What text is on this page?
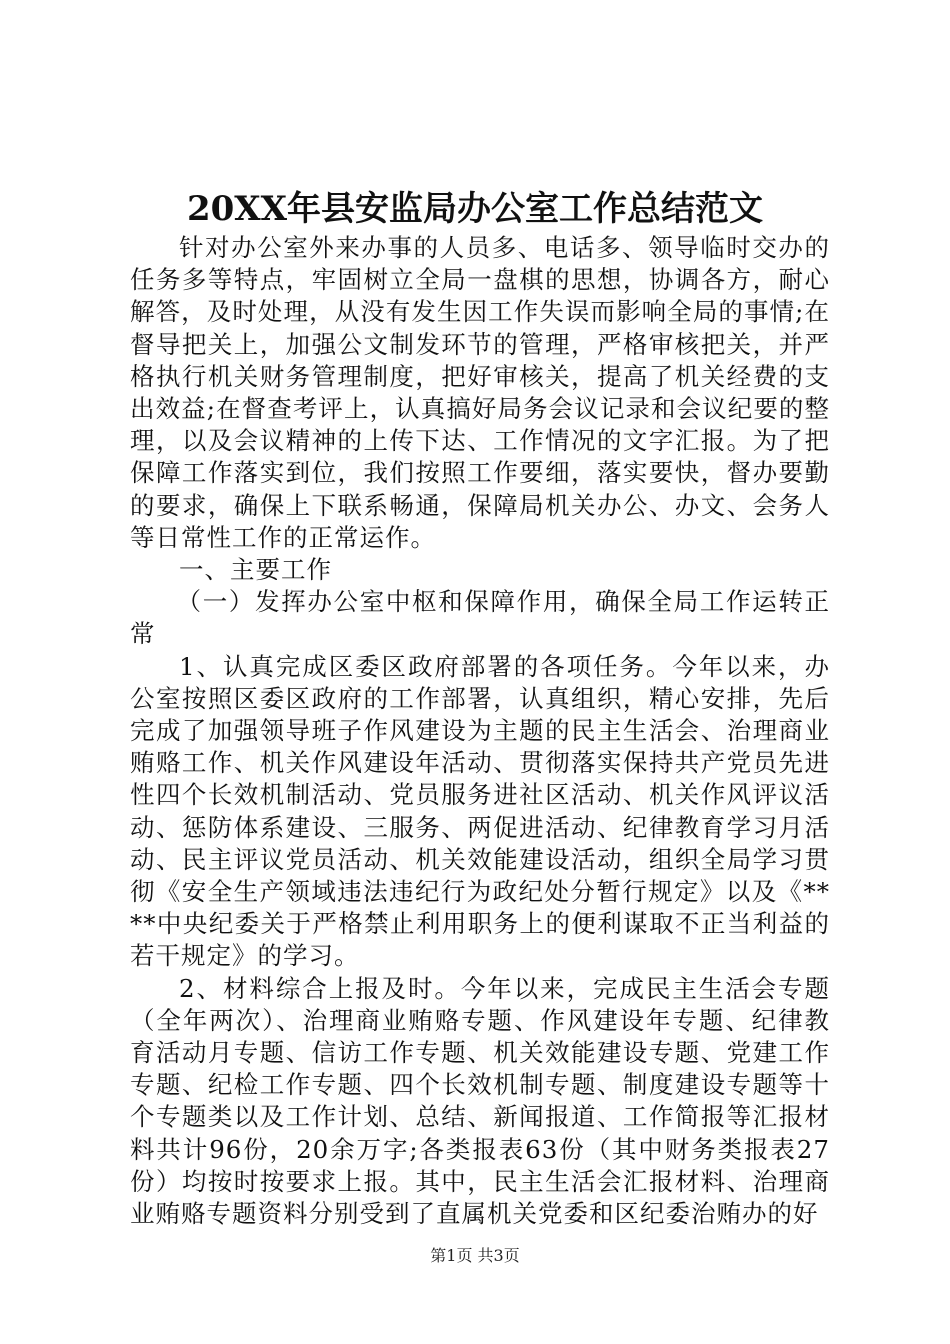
20XX年县安监局办公室工作总结范文

针对办公室外来办事的人员多、电话多、领导临时交办的任务多等特点，牢固树立全局一盘棋的思想，协调各方，耐心解答，及时处理，从没有发生因工作失误而影响全局的事情;在督导把关上，加强公文制发环节的管理，严格审核把关，并严格执行机关财务管理制度，把好审核关，提高了机关经费的支出效益;在督查考评上，认真搞好局务会议记录和会议纪要的整理，以及会议精神的上传下达、工作情况的文字汇报。为了把保障工作落实到位，我们按照工作要细，落实要快，督办要勤的要求，确保上下联系畅通，保障局机关办公、办文、会务人等日常性工作的正常运作。

一、主要工作

（一）发挥办公室中枢和保障作用，确保全局工作运转正常

1、认真完成区委区政府部署的各项任务。今年以来，办公室按照区委区政府的工作部署，认真组织，精心安排，先后完成了加强领导班子作风建设为主题的民主生活会、治理商业贿赂工作、机关作风建设年活动、贯彻落实保持共产党员先进性四个长效机制活动、党员服务进社区活动、机关作风评议活动、惩防体系建设、三服务、两促进活动、纪律教育学习月活动、民主评议党员活动、机关效能建设活动，组织全局学习贯彻《安全生产领域违法违纪行为政纪处分暂行规定》以及《****中央纪委关于严格禁止利用职务上的便利谋取不正当利益的若干规定》的学习。

2、材料综合上报及时。今年以来，完成民主生活会专题（全年两次）、治理商业贿赂专题、作风建设年专题、纪律教育活动月专题、信访工作专题、机关效能建设专题、党建工作专题、纪检工作专题、四个长效机制专题、制度建设专题等十个专题类以及工作计划、总结、新闻报道、工作简报等汇报材料共计96份，20余万字;各类报表63份（其中财务类报表27份）均按时按要求上报。其中，民主生活会汇报材料、治理商业贿赂专题资料分别受到了直属机关党委和区纪委治贿办的好

第1页 共3页
